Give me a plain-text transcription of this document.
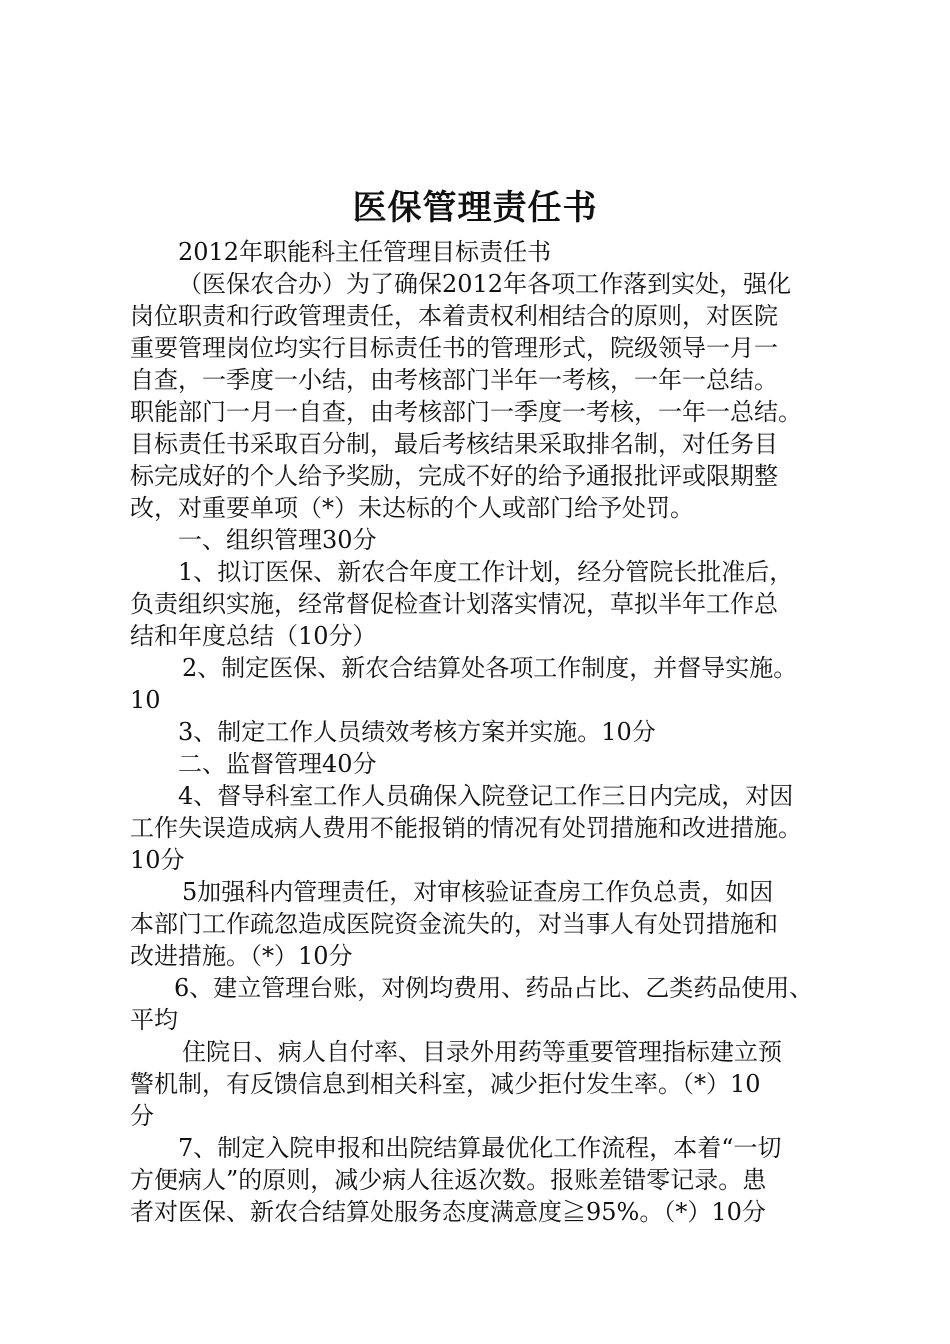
医保管理责任书
2012年职能科主任管理目标责任书
（医保农合办）为了确保2012年各项工作落到实处，强化
岗位职责和行政管理责任，本着责权利相结合的原则，对医院
重要管理岗位均实行目标责任书的管理形式，院级领导一月一
自查，一季度一小结，由考核部门半年一考核，一年一总结。
职能部门一月一自查，由考核部门一季度一考核，一年一总结。
目标责任书采取百分制，最后考核结果采取排名制，对任务目
标完成好的个人给予奖励，完成不好的给予通报批评或限期整
改，对重要单项（*）未达标的个人或部门给予处罚。
一、组织管理30分
1、拟订医保、新农合年度工作计划，经分管院长批准后，
负责组织实施，经常督促检查计划落实情况，草拟半年工作总
结和年度总结（10分）
2、制定医保、新农合结算处各项工作制度，并督导实施。
10
3、制定工作人员绩效考核方案并实施。10分
二、监督管理40分
4、督导科室工作人员确保入院登记工作三日内完成，对因
工作失误造成病人费用不能报销的情况有处罚措施和改进措施。
10分
5加强科内管理责任，对审核验证查房工作负总责，如因
本部门工作疏忽造成医院资金流失的，对当事人有处罚措施和
改进措施。（*）10分
6、建立管理台账，对例均费用、药品占比、乙类药品使用、
平均
住院日、病人自付率、目录外用药等重要管理指标建立预
警机制，有反馈信息到相关科室，减少拒付发生率。（*）10
分
7、制定入院申报和出院结算最优化工作流程，本着“一切
方便病人”的原则，减少病人往返次数。报账差错零记录。患
者对医保、新农合结算处服务态度满意度≧95%。（*）10分
